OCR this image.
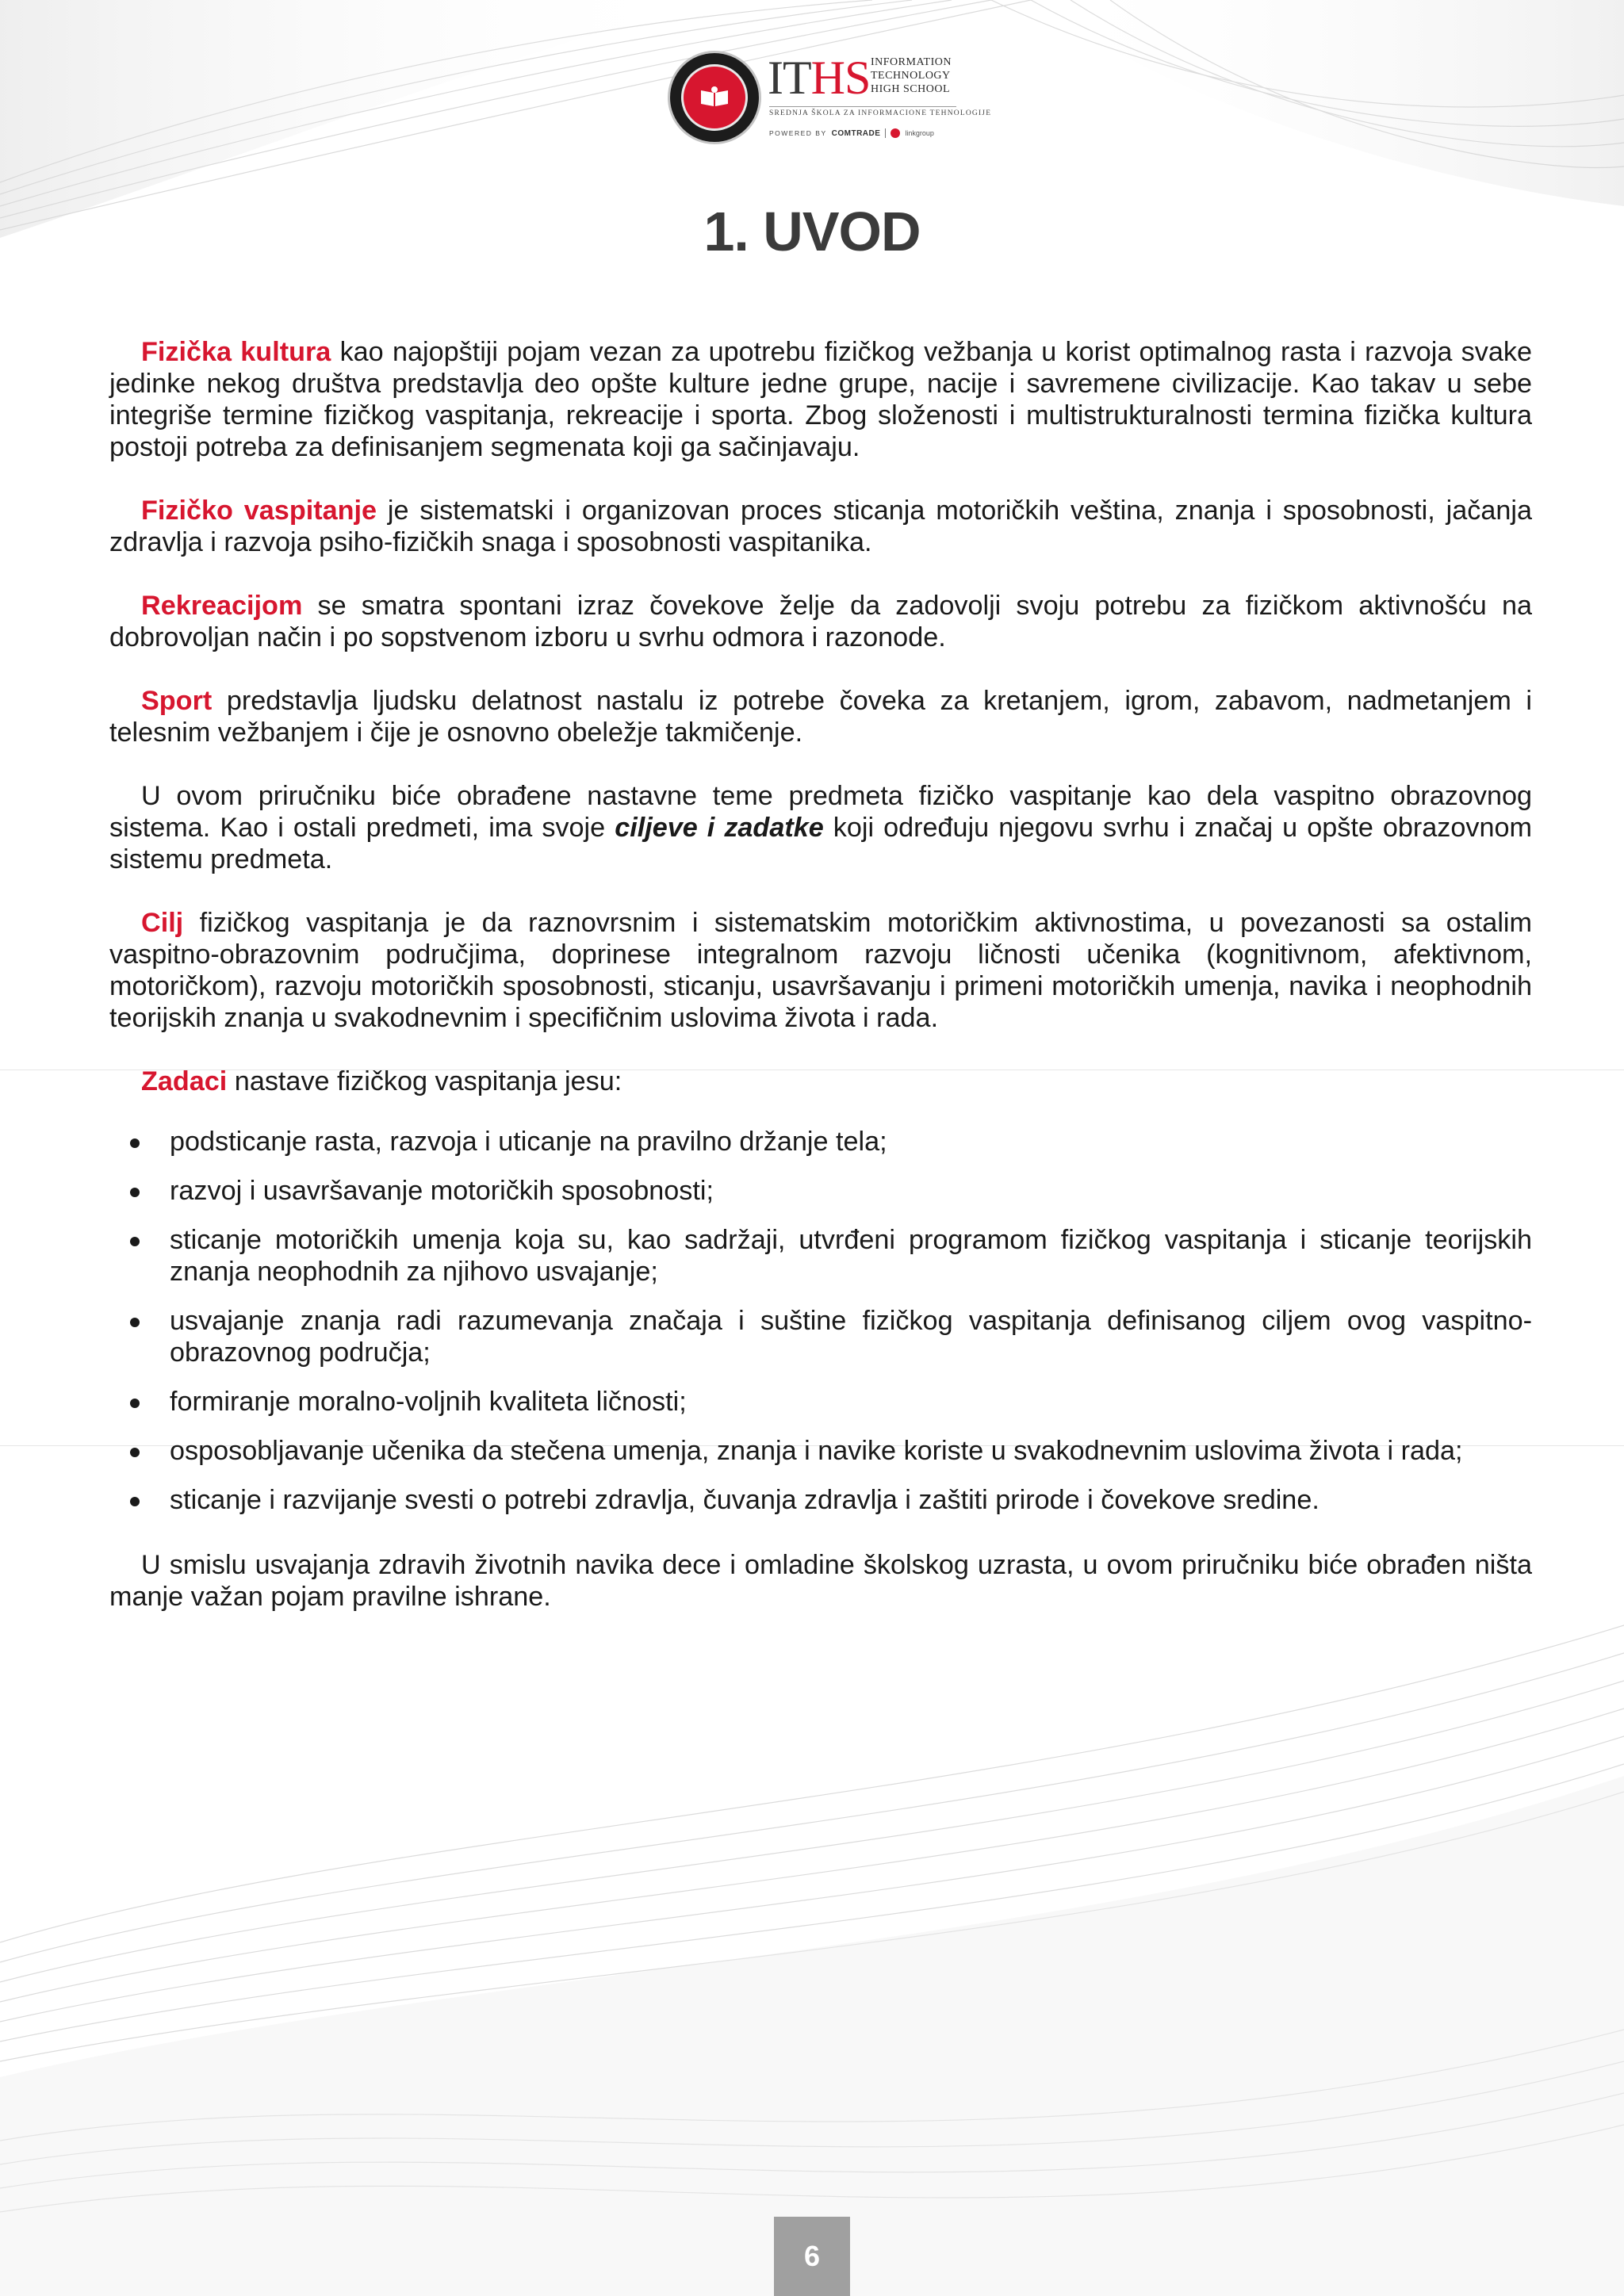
ITHS INFORMATION
TECHNOLOGY
HIGH SCHOOL
SREDNJA ŠKOLA ZA INFORMACIONE TEHNOLOGIJE
POWERED BY COMTRADE	linkgroup
1. UVOD

Fizička kultura kao najopštiji pojam vezan za upotrebu fizičkog vežbanja u korist optimalnog rasta i razvoja svake jedinke nekog društva predstavlja deo opšte kulture jedne grupe, nacije i savremene civilizacije. Kao takav u sebe integriše termine fizičkog vaspitanja, rekreacije i sporta. Zbog složenosti i multistrukturalnosti termina fizička kultura postoji potreba za definisanjem segmenata koji ga sačinjavaju.

Fizičko vaspitanje je sistematski i organizovan proces sticanja motoričkih veština, znanja i sposobnosti, jačanja zdravlja i razvoja psiho-fizičkih snaga i sposobnosti vaspitanika.

Rekreacijom se smatra spontani izraz čovekove želje da zadovolji svoju potrebu za fizičkom aktivnošću na dobrovoljan način i po sopstvenom izboru u svrhu odmora i razonode.

Sport predstavlja ljudsku delatnost nastalu iz potrebe čoveka za kretanjem, igrom, zabavom, nadmetanjem i telesnim vežbanjem i čije je osnovno obeležje takmičenje.

U ovom priručniku biće obrađene nastavne teme predmeta fizičko vaspitanje kao dela vaspitno obrazovnog sistema. Kao i ostali predmeti, ima svoje ciljeve i zadatke koji određuju njegovu svrhu i značaj u opšte obrazovnom sistemu predmeta.

Cilj fizičkog vaspitanja je da raznovrsnim i sistematskim motoričkim aktivnostima, u povezanosti sa ostalim vaspitno-obrazovnim područjima, doprinese integralnom razvoju ličnosti učenika (kognitivnom, afektivnom, motoričkom), razvoju motoričkih sposobnosti, sticanju, usavršavanju i primeni motoričkih umenja, navika i neophodnih teorijskih znanja u svakodnevnim i specifičnim uslovima života i rada.

Zadaci nastave fizičkog vaspitanja jesu:

podsticanje rasta, razvoja i uticanje na pravilno držanje tela;
razvoj i usavršavanje motoričkih sposobnosti;
sticanje motoričkih umenja koja su, kao sadržaji, utvrđeni programom fizičkog vaspitanja i sticanje teorijskih znanja neophodnih za njihovo usvajanje;
usvajanje znanja radi razumevanja značaja i suštine fizičkog vaspitanja definisanog ciljem ovog vaspitno-obrazovnog područja;
formiranje moralno-voljnih kvaliteta ličnosti;
osposobljavanje učenika da stečena umenja, znanja i navike koriste u svakodnevnim uslovima života i rada;
sticanje i razvijanje svesti o potrebi zdravlja, čuvanja zdravlja i zaštiti prirode i čovekove sredine.

U smislu usvajanja zdravih životnih navika dece i omladine školskog uzrasta, u ovom priručniku biće obrađen ništa manje važan pojam pravilne ishrane.

6
